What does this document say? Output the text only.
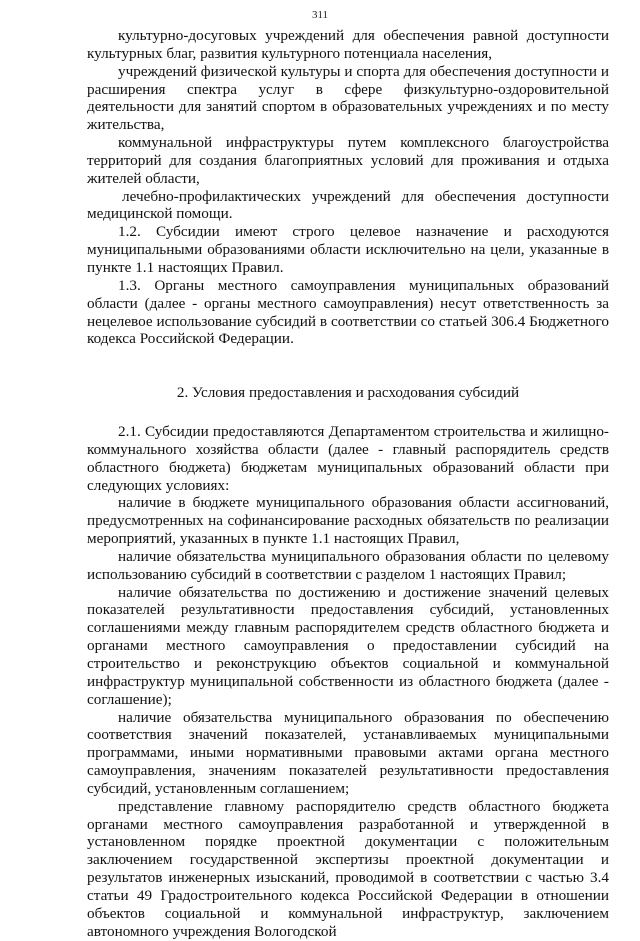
311

культурно-досуговых учреждений для обеспечения равной доступности культурных благ, развития культурного потенциала населения,

учреждений физической культуры и спорта для обеспечения доступности и расширения спектра услуг в сфере физкультурно-оздоровительной деятельности для занятий спортом в образовательных учреждениях и по месту жительства,

коммунальной инфраструктуры путем комплексного благоустройства территорий для создания благоприятных условий для проживания и отдыха жителей области,

лечебно-профилактических учреждений для обеспечения доступности медицинской помощи.

1.2. Субсидии имеют строго целевое назначение и расходуются муниципальными образованиями области исключительно на цели, указанные в пункте 1.1 настоящих Правил.

1.3. Органы местного самоуправления муниципальных образований области (далее - органы местного самоуправления) несут ответственность за нецелевое использование субсидий в соответствии со статьей 306.4 Бюджетного кодекса Российской Федерации.

2. Условия предоставления и расходования субсидий

2.1. Субсидии предоставляются Департаментом строительства и жилищно-коммунального хозяйства области (далее - главный распорядитель средств областного бюджета) бюджетам муниципальных образований области при следующих условиях:

наличие в бюджете муниципального образования области ассигнований, предусмотренных на софинансирование расходных обязательств по реализации мероприятий, указанных в пункте 1.1 настоящих Правил,

наличие обязательства муниципального образования области по целевому использованию субсидий в соответствии с разделом 1 настоящих Правил;

наличие обязательства по достижению и достижение значений целевых показателей результативности предоставления субсидий, установленных соглашениями между главным распорядителем средств областного бюджета и органами местного самоуправления о предоставлении субсидий на строительство и реконструкцию объектов социальной и коммунальной инфраструктур муниципальной собственности из областного бюджета (далее - соглашение);

наличие обязательства муниципального образования по обеспечению соответствия значений показателей, устанавливаемых муниципальными программами, иными нормативными правовыми актами органа местного самоуправления, значениям показателей результативности предоставления субсидий, установленным соглашением;

представление главному распорядителю средств областного бюджета органами местного самоуправления разработанной и утвержденной в установленном порядке проектной документации с положительным заключением государственной экспертизы проектной документации и результатов инженерных изысканий, проводимой в соответствии с частью 3.4 статьи 49 Градостроительного кодекса Российской Федерации в отношении объектов социальной и коммунальной инфраструктур, заключением автономного учреждения Вологодской
